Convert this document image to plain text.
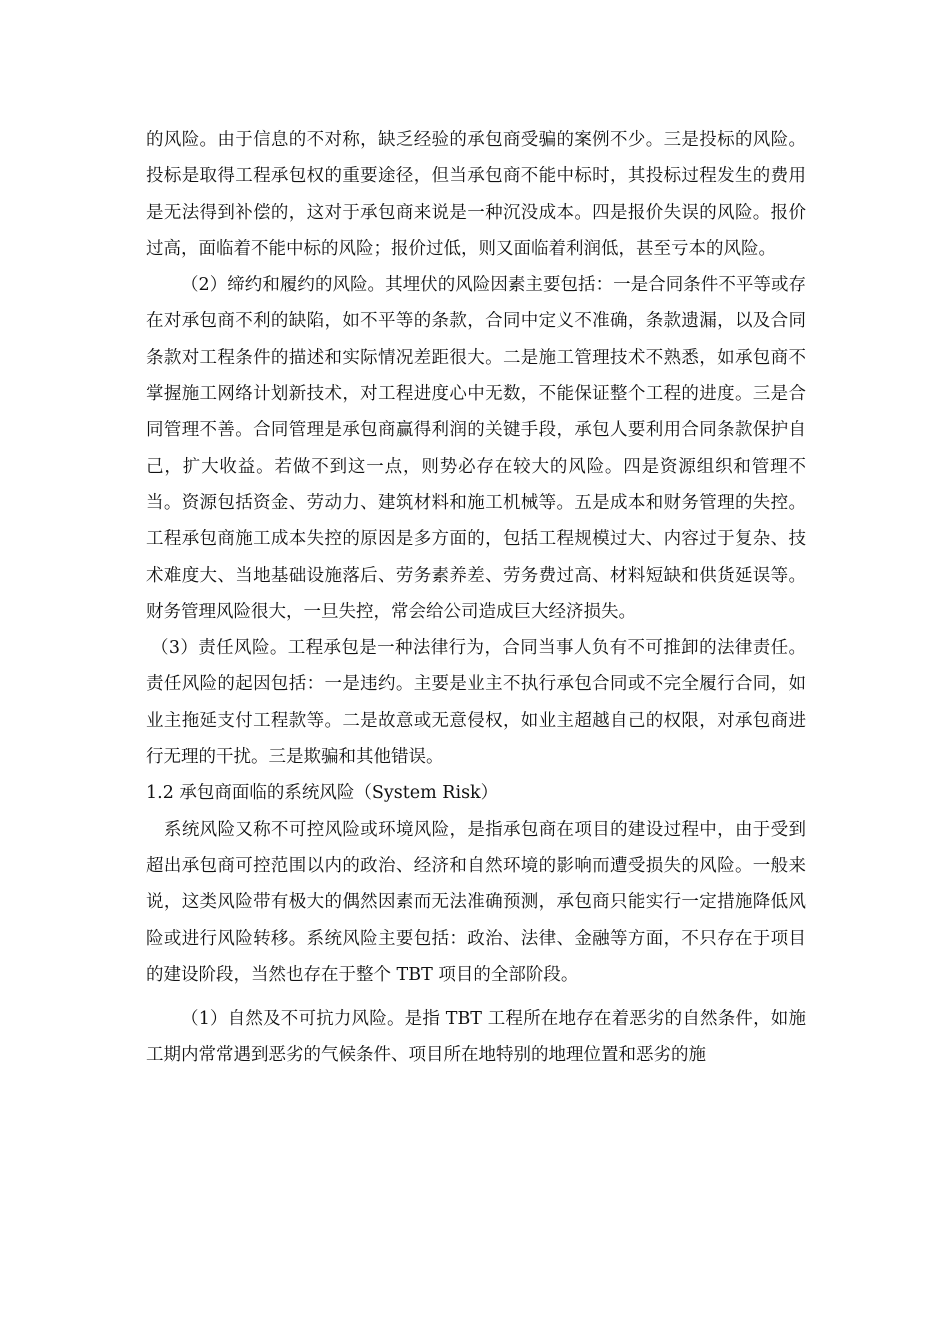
的风险。由于信息的不对称，缺乏经验的承包商受骗的案例不少。三是投标的风险。投标是取得工程承包权的重要途径，但当承包商不能中标时，其投标过程发生的费用是无法得到补偿的，这对于承包商来说是一种沉没成本。四是报价失误的风险。报价过高，面临着不能中标的风险；报价过低，则又面临着利润低，甚至亏本的风险。

（2）缔约和履约的风险。其埋伏的风险因素主要包括：一是合同条件不平等或存在对承包商不利的缺陷，如不平等的条款，合同中定义不准确，条款遗漏，以及合同条款对工程条件的描述和实际情况差距很大。二是施工管理技术不熟悉，如承包商不掌握施工网络计划新技术，对工程进度心中无数，不能保证整个工程的进度。三是合同管理不善。合同管理是承包商赢得利润的关键手段，承包人要利用合同条款保护自己，扩大收益。若做不到这一点，则势必存在较大的风险。四是资源组织和管理不当。资源包括资金、劳动力、建筑材料和施工机械等。五是成本和财务管理的失控。工程承包商施工成本失控的原因是多方面的，包括工程规模过大、内容过于复杂、技术难度大、当地基础设施落后、劳务素养差、劳务费过高、材料短缺和供货延误等。财务管理风险很大，一旦失控，常会给公司造成巨大经济损失。

（3）责任风险。工程承包是一种法律行为，合同当事人负有不可推卸的法律责任。责任风险的起因包括：一是违约。主要是业主不执行承包合同或不完全履行合同，如业主拖延支付工程款等。二是故意或无意侵权，如业主超越自己的权限，对承包商进行无理的干扰。三是欺骗和其他错误。

1.2 承包商面临的系统风险（System Risk）

系统风险又称不可控风险或环境风险，是指承包商在项目的建设过程中，由于受到超出承包商可控范围以内的政治、经济和自然环境的影响而遭受损失的风险。一般来说，这类风险带有极大的偶然因素而无法准确预测，承包商只能实行一定措施降低风险或进行风险转移。系统风险主要包括：政治、法律、金融等方面，不只存在于项目的建设阶段，当然也存在于整个 TBT 项目的全部阶段。

（1）自然及不可抗力风险。是指 TBT 工程所在地存在着恶劣的自然条件，如施工期内常常遇到恶劣的气候条件、项目所在地特别的地理位置和恶劣的施
